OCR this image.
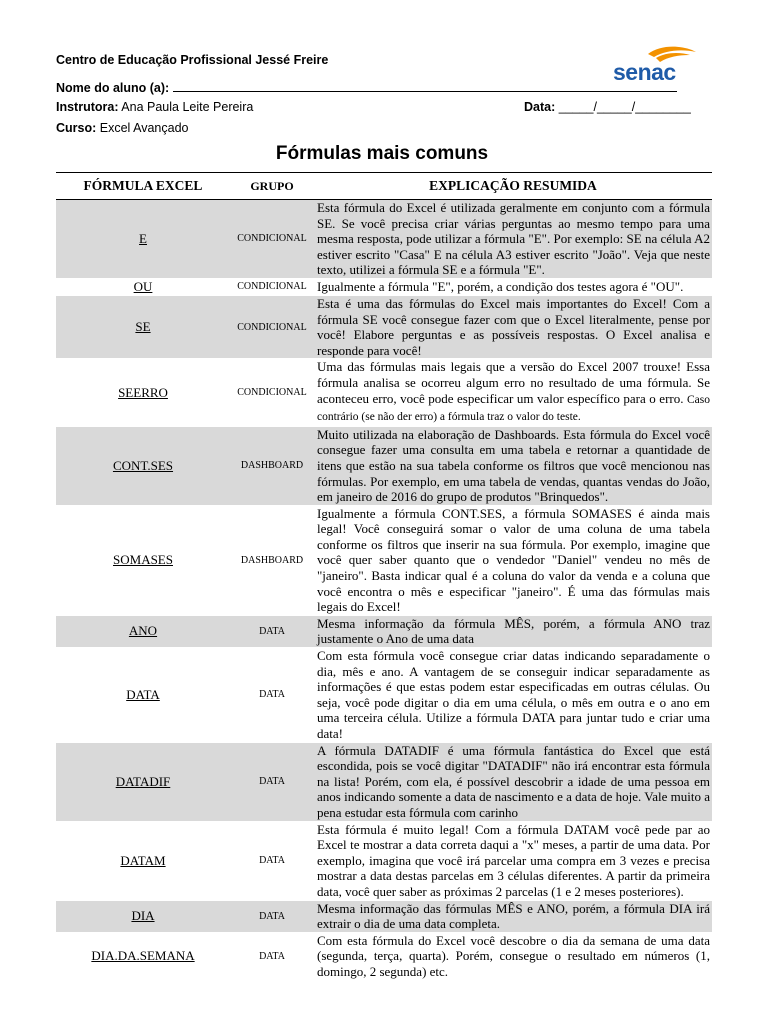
Centro de Educação Profissional Jessé Freire
Nome do aluno (a):
Instrutora: Ana Paula Leite Pereira	Data: _____/_____/________
Curso: Excel Avançado
senac
Fórmulas mais comuns
FÓRMULA EXCEL	GRUPO	EXPLICAÇÃO RESUMIDA
E	CONDICIONAL	Esta fórmula do Excel é utilizada geralmente em conjunto com a fórmula SE. Se você precisa criar várias perguntas ao mesmo tempo para uma mesma resposta, pode utilizar a fórmula "E". Por exemplo: SE na célula A2 estiver escrito "Casa" E na célula A3 estiver escrito "João". Veja que neste texto, utilizei a fórmula SE e a fórmula "E".
OU	CONDICIONAL	Igualmente a fórmula "E", porém, a condição dos testes agora é "OU".
SE	CONDICIONAL	Esta é uma das fórmulas do Excel mais importantes do Excel! Com a fórmula SE você consegue fazer com que o Excel literalmente, pense por você! Elabore perguntas e as possíveis respostas. O Excel analisa e responde para você!
SEERRO	CONDICIONAL	Uma das fórmulas mais legais que a versão do Excel 2007 trouxe! Essa fórmula analisa se ocorreu algum erro no resultado de uma fórmula. Se aconteceu erro, você pode especificar um valor específico para o erro. Caso contrário (se não der erro) a fórmula traz o valor do teste.
CONT.SES	DASHBOARD	Muito utilizada na elaboração de Dashboards. Esta fórmula do Excel você consegue fazer uma consulta em uma tabela e retornar a quantidade de itens que estão na sua tabela conforme os filtros que você mencionou nas fórmulas. Por exemplo, em uma tabela de vendas, quantas vendas do João, em janeiro de 2016 do grupo de produtos "Brinquedos".
SOMASES	DASHBOARD	Igualmente a fórmula CONT.SES, a fórmula SOMASES é ainda mais legal! Você conseguirá somar o valor de uma coluna de uma tabela conforme os filtros que inserir na sua fórmula. Por exemplo, imagine que você quer saber quanto que o vendedor "Daniel" vendeu no mês de "janeiro". Basta indicar qual é a coluna do valor da venda e a coluna que você encontra o mês e especificar "janeiro". É uma das fórmulas mais legais do Excel!
ANO	DATA	Mesma informação da fórmula MÊS, porém, a fórmula ANO traz justamente o Ano de uma data
DATA	DATA	Com esta fórmula você consegue criar datas indicando separadamente o dia, mês e ano. A vantagem de se conseguir indicar separadamente as informações é que estas podem estar especificadas em outras células. Ou seja, você pode digitar o dia em uma célula, o mês em outra e o ano em uma terceira célula. Utilize a fórmula DATA para juntar tudo e criar uma data!
DATADIF	DATA	A fórmula DATADIF é uma fórmula fantástica do Excel que está escondida, pois se você digitar "DATADIF" não irá encontrar esta fórmula na lista! Porém, com ela, é possível descobrir a idade de uma pessoa em anos indicando somente a data de nascimento e a data de hoje. Vale muito a pena estudar esta fórmula com carinho
DATAM	DATA	Esta fórmula é muito legal! Com a fórmula DATAM você pede par ao Excel te mostrar a data correta daqui a "x" meses, a partir de uma data. Por exemplo, imagina que você irá parcelar uma compra em 3 vezes e precisa mostrar a data destas parcelas em 3 células diferentes. A partir da primeira data, você quer saber as próximas 2 parcelas (1 e 2 meses posteriores).
DIA	DATA	Mesma informação das fórmulas MÊS e ANO, porém, a fórmula DIA irá extrair o dia de uma data completa.
DIA.DA.SEMANA	DATA	Com esta fórmula do Excel você descobre o dia da semana de uma data (segunda, terça, quarta). Porém, consegue o resultado em números (1, domingo, 2 segunda) etc.
